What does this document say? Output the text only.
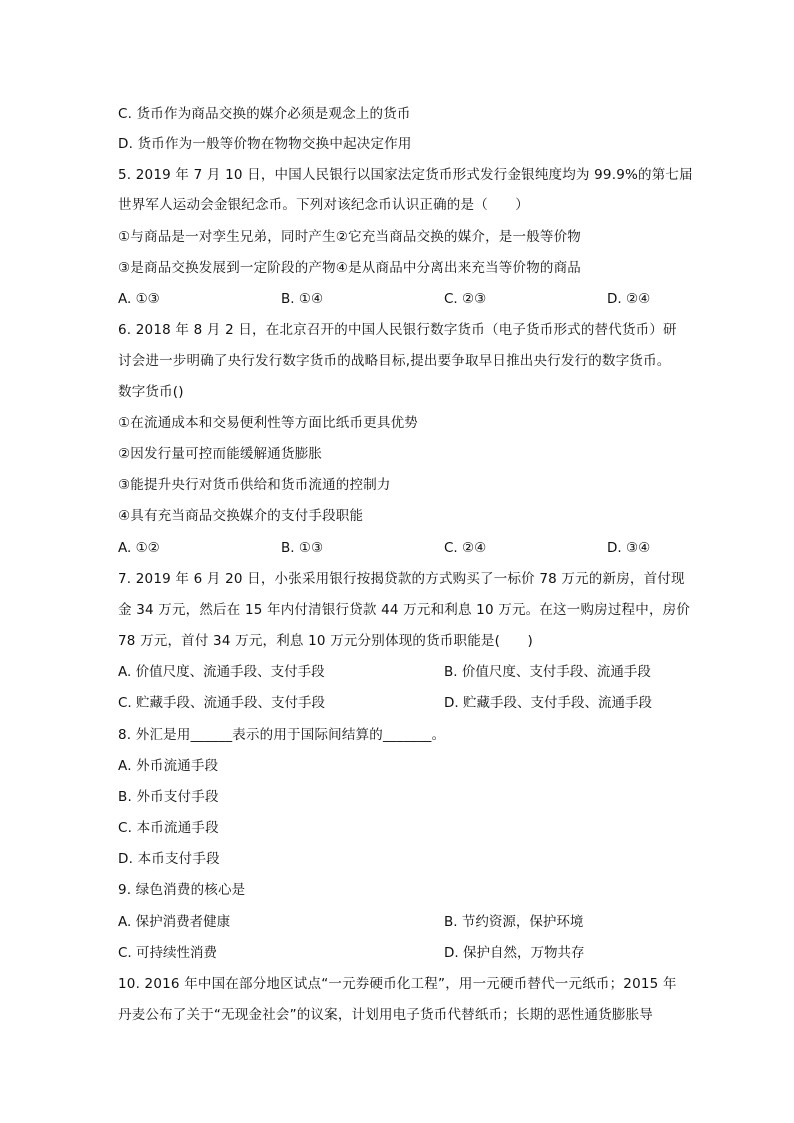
C. 货币作为商品交换的媒介必须是观念上的货币
D. 货币作为一般等价物在物物交换中起决定作用
5. 2019 年 7 月 10 日，中国人民银行以国家法定货币形式发行金银纯度均为 99.9%的第七届
世界军人运动会金银纪念币。下列对该纪念币认识正确的是（　　）
①与商品是一对孪生兄弟，同时产生②它充当商品交换的媒介，是一般等价物
③是商品交换发展到一定阶段的产物④是从商品中分离出来充当等价物的商品
A. ①③	B. ①④	C. ②③	D. ②④
6. 2018 年 8 月 2 日，在北京召开的中国人民银行数字货币（电子货币形式的替代货币）研
讨会进一步明确了央行发行数字货币的战略目标,提出要争取早日推出央行发行的数字货币。
数字货币()
①在流通成本和交易便利性等方面比纸币更具优势
②因发行量可控而能缓解通货膨胀
③能提升央行对货币供给和货币流通的控制力
④具有充当商品交换媒介的支付手段职能
A. ①②	B. ①③	C. ②④	D. ③④
7. 2019 年 6 月 20 日，小张采用银行按揭贷款的方式购买了一标价 78 万元的新房，首付现
金 34 万元，然后在 15 年内付清银行贷款 44 万元和利息 10 万元。在这一购房过程中，房价
78 万元，首付 34 万元，利息 10 万元分别体现的货币职能是(　　)
A. 价值尺度、流通手段、支付手段	B. 价值尺度、支付手段、流通手段
C. 贮藏手段、流通手段、支付手段	D. 贮藏手段、支付手段、流通手段
8. 外汇是用______表示的用于国际间结算的_______。
A. 外币流通手段
B. 外币支付手段
C. 本币流通手段
D. 本币支付手段
9. 绿色消费的核心是
A. 保护消费者健康	B. 节约资源，保护环境
C. 可持续性消费	D. 保护自然，万物共存
10. 2016 年中国在部分地区试点“一元券硬币化工程”，用一元硬币替代一元纸币；2015 年
丹麦公布了关于“无现金社会”的议案，计划用电子货币代替纸币；长期的恶性通货膨胀导
